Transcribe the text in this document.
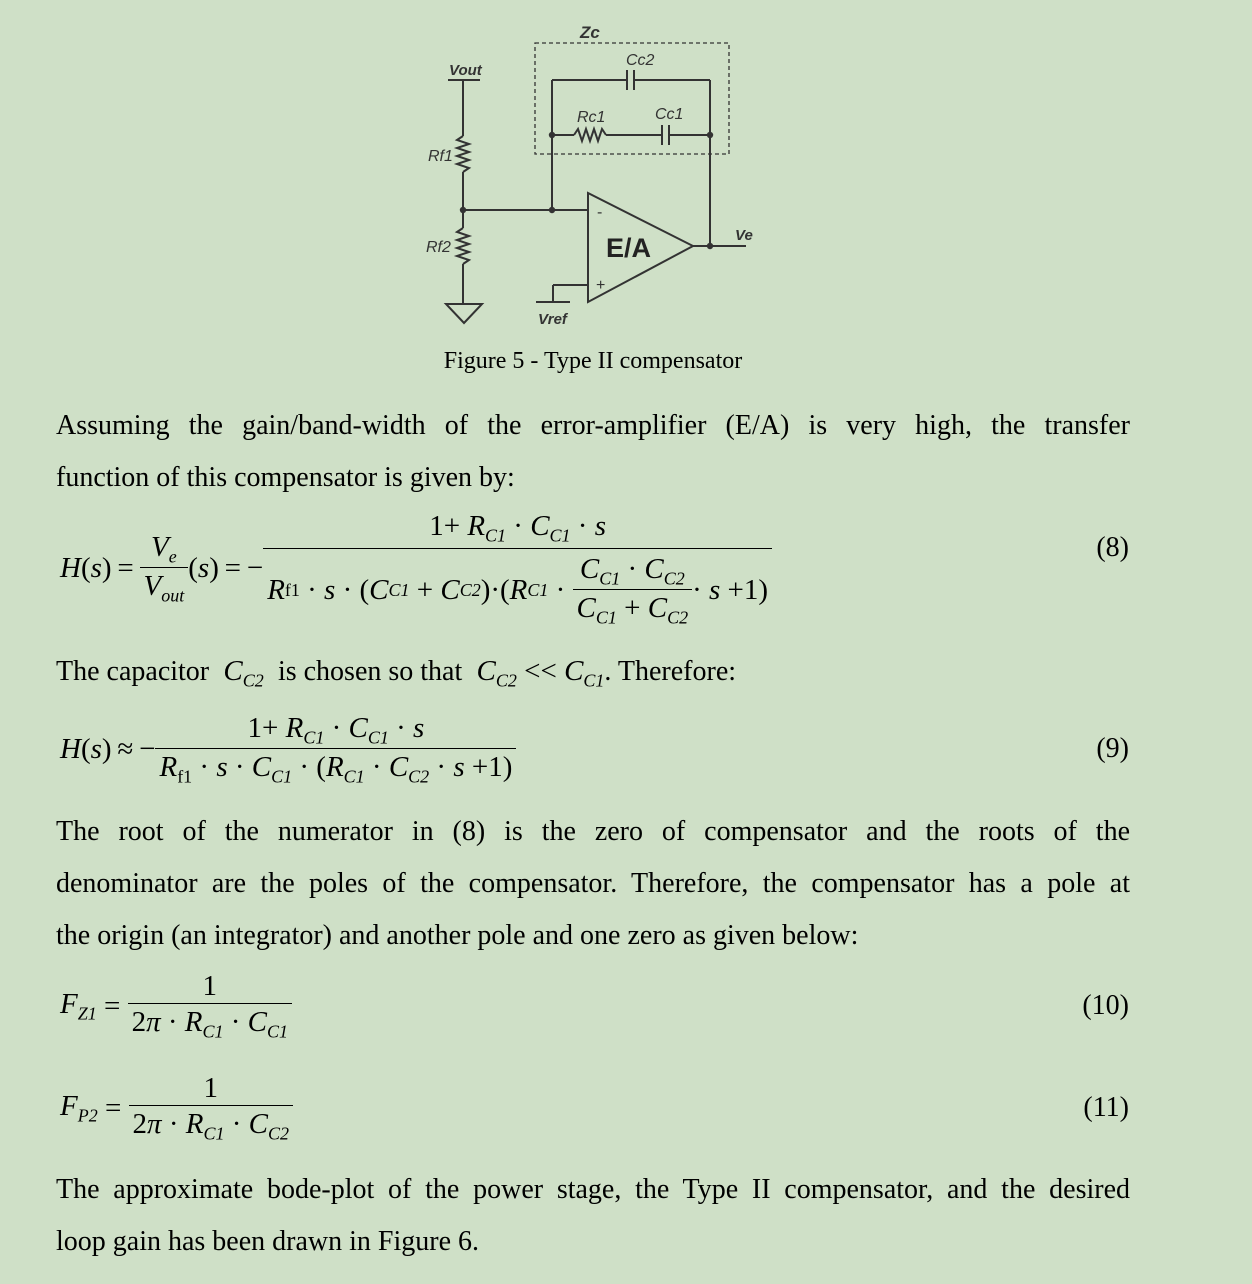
Zc
Vout
Rf1
Rf2
Cc2
Rc1	Cc1
E/A
-
+
Ve
Vref
Figure 5 - Type II compensator
Assuming the gain/band-width of the error-amplifier (E/A) is very high, the transfer
function of this compensator is given by:
H ( s ) =  $\frac{V_e}{V_{out}}$ ( s ) = −
$1+ R_{C1} \cdot C_{C1} \cdot s$
R f1 · s · ( C C1 + C C2 )·( R $C1 \cdot \frac{C_{C1} \cdot C_{C2}}{C_{C1} + C_{C2}} \cdot s +1$)
(8)
The capacitor  $C_{C2}$ is chosen so that  $C_{C2} << C_{C1}$. Therefore:
H ( s ) ≈ − $\frac{1+ R_{C1} \cdot C_{C1} \cdot s}{R_{f1} \cdot s \cdot C_{C1} \cdot (R_{C1} \cdot C_{C2} \cdot s +1)}$	(9)
The root of the numerator in (8) is the zero of compensator and the roots of the
denominator are the poles of the compensator. Therefore, the compensator has a pole at
the origin (an integrator) and another pole and one zero as given below:
$F_{Z1} = \frac{1}{2\pi \cdot R_{C1} \cdot C_{C1}}$	(10)
$F_{P2} = \frac{1}{2\pi \cdot R_{C1} \cdot C_{C2}}$	(11)
The approximate bode-plot of the power stage, the Type II compensator, and the desired
loop gain has been drawn in Figure 6.
